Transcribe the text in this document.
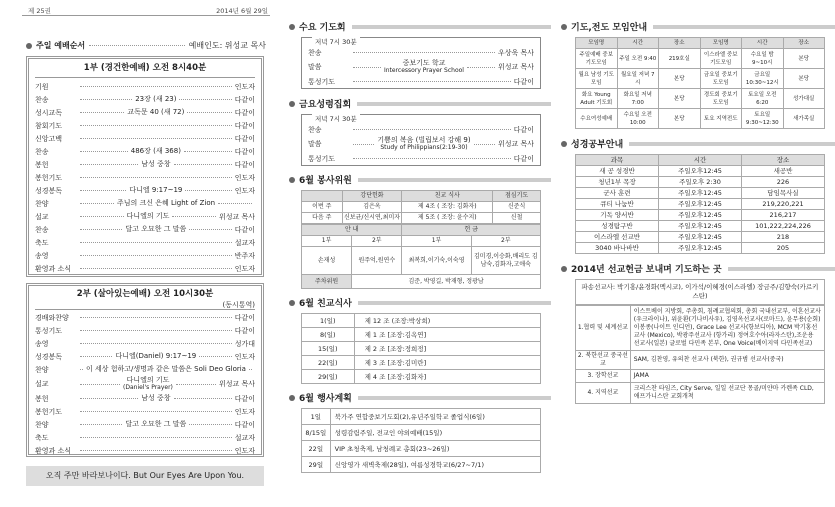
제 25권	2014년 6월 29일
주일 예배순서	예배인도: 위성교 목사
1부 (경건한예배) 오전 8시40분
기원	인도자
찬송	23장 (새 23)	다같이
성시교독	교독문 40 (새 72)	다같이
참회기도	다같이
신앙고백	다같이
찬송	486장 (새 368)	다같이
봉헌	남성 중창	다같이
봉헌기도	인도자
성경봉독	다니엘 9:17~19	인도자
찬양	주님의 크신 은혜 Light of Zion
설교	다니엘의 기도	위성교 목사
찬송	달고 오묘한 그 말씀	다같이
축도	설교자
송영	반주자
환영과 소식	인도자
2부 (살아있는예배) 오전 10시30분
(동시통역)
경배와찬양	다같이
통성기도	다같이
송영	성가대
성경봉독	다니엘(Daniel) 9:17~19	인도자
찬양	이 세상 험하고/생명과 같은 말씀은 Soli Deo Gloria
설교	다니엘의 기도
(Daniel's Prayer)	위성교 목사
봉헌	남성 중창	다같이
봉헌기도	인도자
찬양	달고 오묘한 그 말씀	다같이
축도	설교자
환영과 소식	인도자
오직 주만 바라보나이다. But Our Eyes Are Upon You.
수요 기도회
저녁 7시 30분
찬송	우상욱 목사
말씀	중보기도 학교
Intercessory Prayer School	위성교 목사
통성기도	다같이
금요성령집회
저녁 7시 30분
찬송	다같이
말씀	기쁨의 복음 (빌립보서 강해 9)
Study of Philippians(2:19-30)	위성교 목사
통성기도	다같이
6월 봉사위원
	강단헌화	친교 식사	점심기도
이번 주	김은옥	제 4조 ( 조장: 김화자)	신준식
다음 주	신보균/신시연,최미자	제 5조 ( 조장: 윤수지)	신철
안 내		헌 금	
1부	2부	1부	2부
손재성	원주억,원연수	최복희,이기숙,이숙영	김미경,이승화,배리도 김남숙,김화자,고애숙
주차위원	김준, 박영길, 박재형, 정광남		
6월 친교식사
1(일)	제 12 조 (조장:박상희)
8(일)	제 1 조 [조장:김옥연]
15(일)	제 2 조 [조장:정희정]
22(일)	제 3 조 [조장:김미란]
29(일)	제 4 조 [조장:김화자]
6월 행사계획
1일	북가주 연합중보기도회(2),유년주일학교 졸업식(6일)
8/15일	성령감림주일, 전교인 야외예배(15일)
22일	VIP 초청축제, 남청례교 총회(23~26일)
29일	신앙영가 새벽축제(28일), 여름성경학교(6/27~7/1)
기도,전도 모임안내
모임명	시간	장소	모임명	시간	장소
주일예배 중보기도모임	주일 오전 9:40	219호실	이스라엘 중보기도모임	수요일 밤 9~10시	본당
월요 남성 기도 모임	월요일 저녁 7시	본당	금요일 중보기도모임	금요일 10:30~12시	본당
화요 Young Adult 기도회	화요일 저녁7:00	본당	경도회 중보기도모임	토요일 오전 6:20	성가대실
수요여성예배	수요일 오전 10:00	본당	토요 지역전도	토요일 9:30~12:30	새가족실
성경공부안내
과목	시간	장소
새 공 성경반	주일오후12:45	새공반
청년1부 목장	주일오후 2:30	226
군사 훈련	주일오후12:45	담임목사실
큐티 나눔반	주일오후12:45	219,220,221
기독 양서반	주일오후12:45	216,217
성경탐구반	주일오후12:45	101,222,224,226
이스라엘 선교반	주일오후12:45	218
3040 바나바반	주일오후12:45	205
2014년 선교헌금 보내며 기도하는 곳
파송선교사: 박기홍/윤경화(멕시코), 이가석/이혜경(이스라엘) 장금주/김향숙(카르키스탄)
1.협력 및 세계선교	이스트베이 지방회, 주총회, 침례교협의회, 총회 국내선교부, 이혼선교사(우크라이나), 위윤환(기나비사우), 김영옥선교사(로마드), 윤무용(순회) 이봉종(나이트 인디언), Grace Lee 선교사(항보디아), MCM 박기홍선교사 (Mexico), 박광주선교사 (항가리) 정여호수아(라자스탄),조운용 선교사(일본) 글로벌 다민족 본부, One Voice(베이지역 다민족선교)
2. 북한선교 중국선교	SAM, 김찬영, 유의찬 선교사 (북한), 권규범 선교사(중국)
3. 장학선교	JAMA
4. 지역선교	크리스찬 타임즈, City Serve, 일일 선교단 몽골/미얀마 카렌족 CLD, 애프가니스탄 교회개척
